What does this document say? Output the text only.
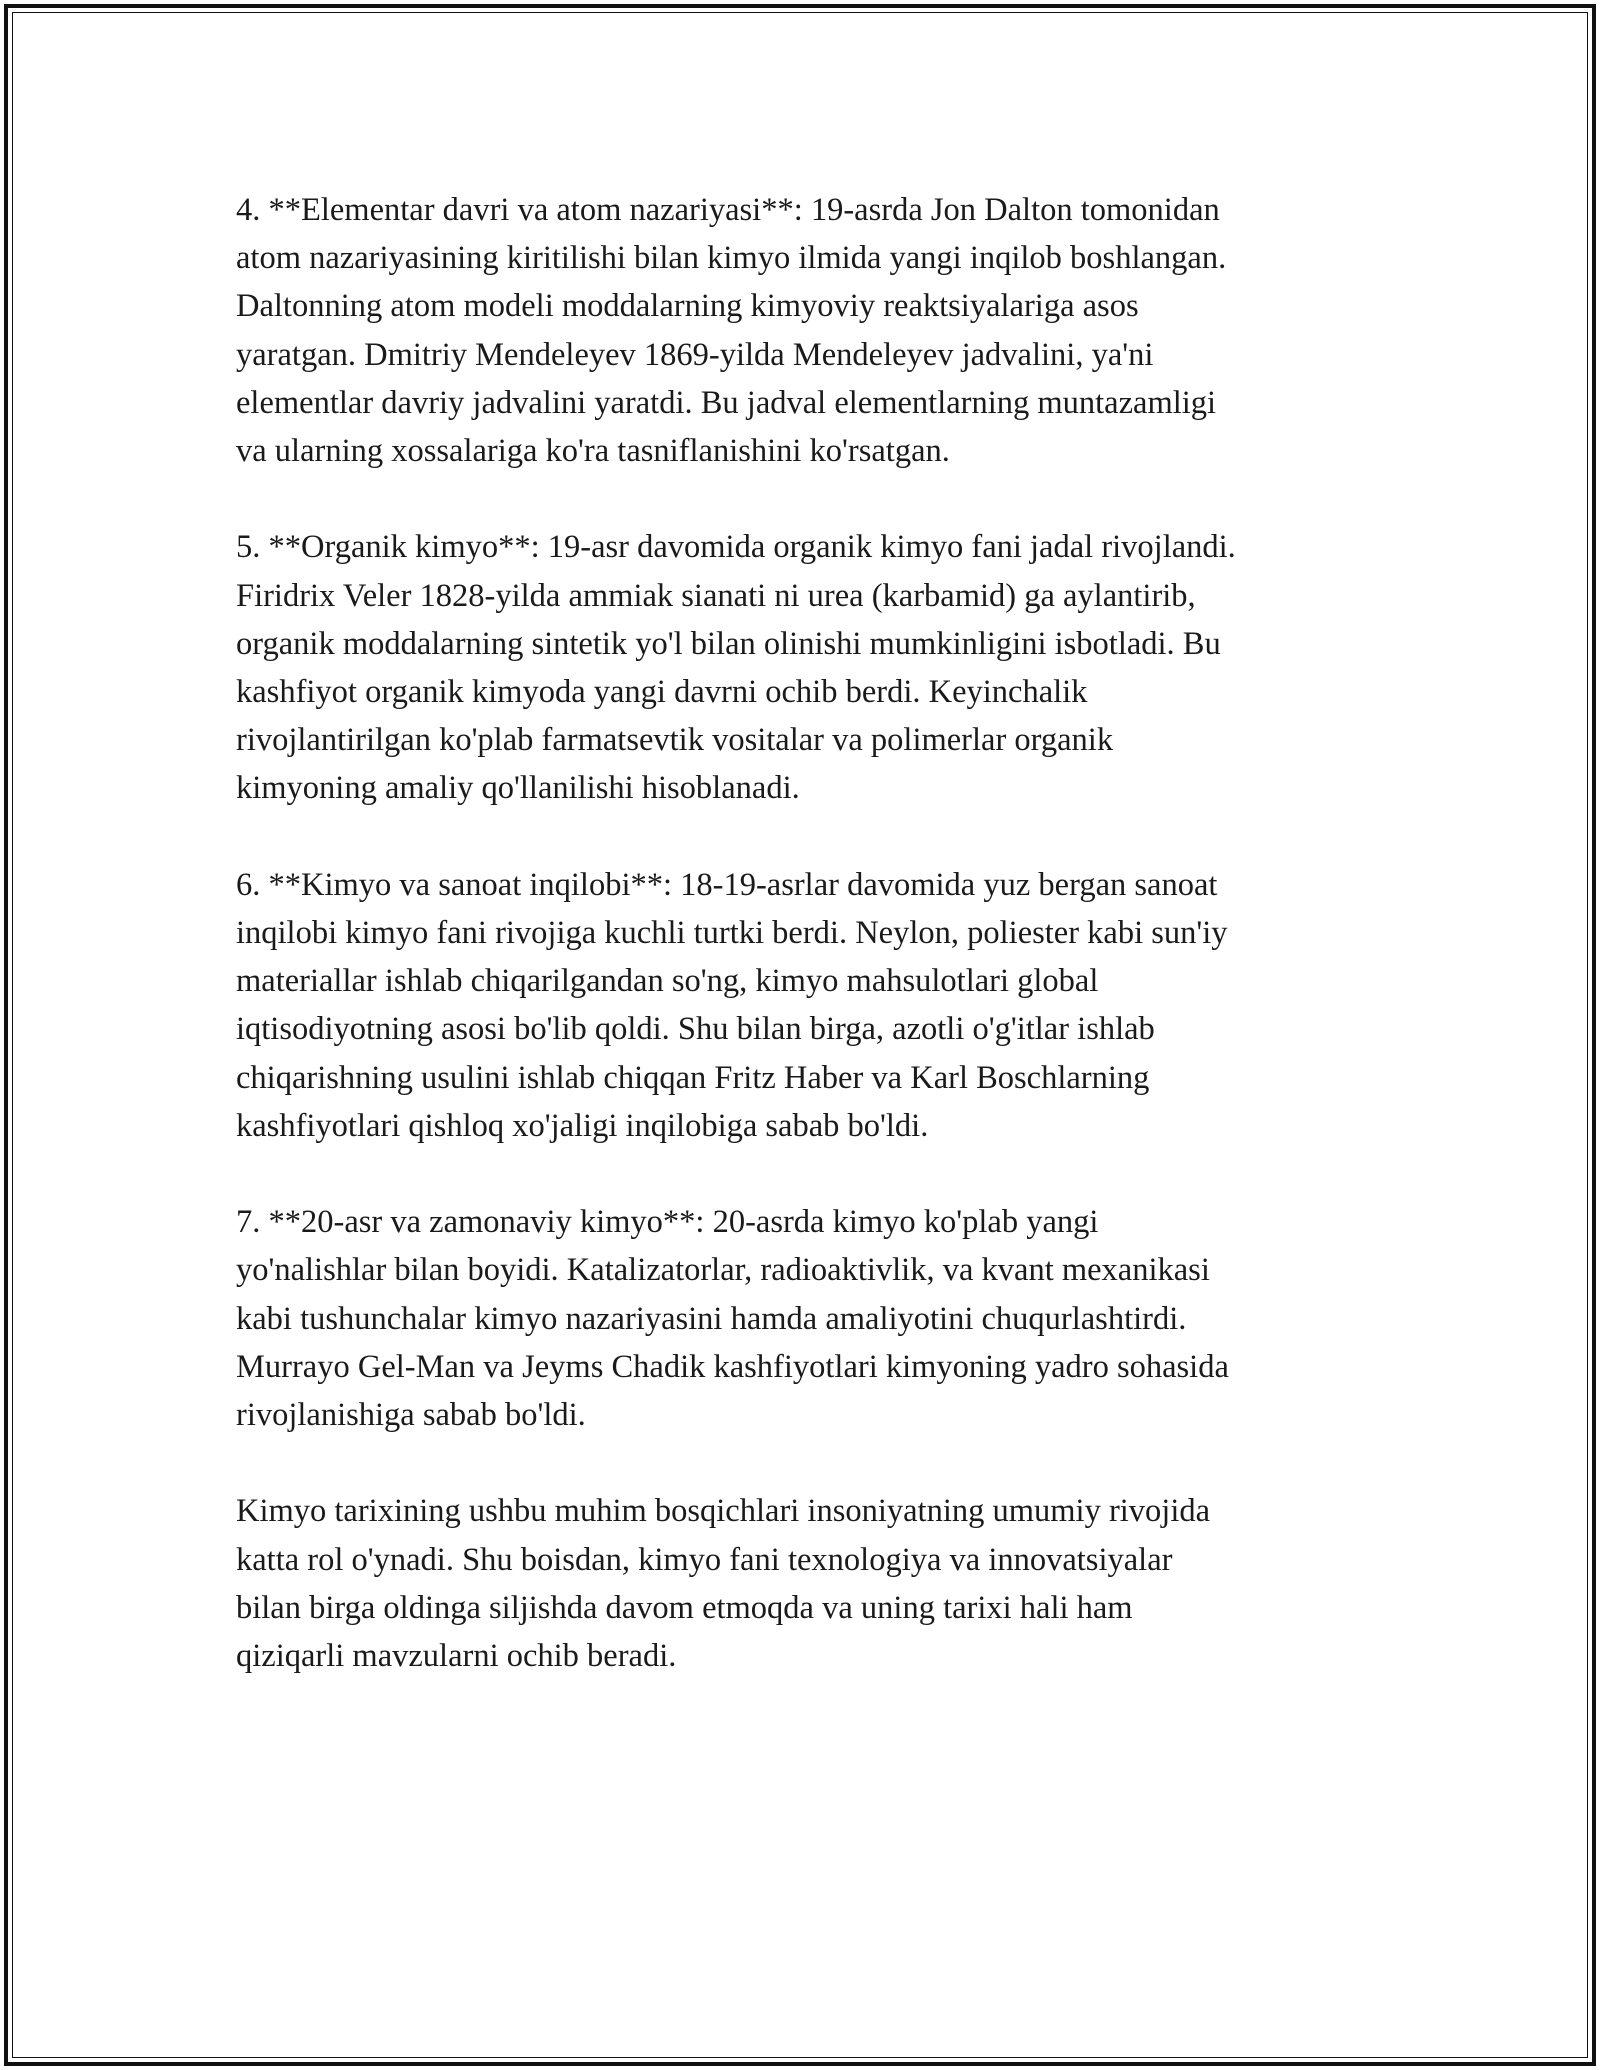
4. **Elementar davri va atom nazariyasi**: 19-asrda Jon Dalton tomonidan
atom nazariyasining kiritilishi bilan kimyo ilmida yangi inqilob boshlangan.
Daltonning atom modeli moddalarning kimyoviy reaktsiyalariga asos
yaratgan. Dmitriy Mendeleyev 1869-yilda Mendeleyev jadvalini, ya'ni
elementlar davriy jadvalini yaratdi. Bu jadval elementlarning muntazamligi
va ularning xossalariga ko'ra tasniflanishini ko'rsatgan.

5. **Organik kimyo**: 19-asr davomida organik kimyo fani jadal rivojlandi.
Firidrix Veler 1828-yilda ammiak sianati ni urea (karbamid) ga aylantirib,
organik moddalarning sintetik yo'l bilan olinishi mumkinligini isbotladi. Bu
kashfiyot organik kimyoda yangi davrni ochib berdi. Keyinchalik
rivojlantirilgan ko'plab farmatsevtik vositalar va polimerlar organik
kimyoning amaliy qo'llanilishi hisoblanadi.

6. **Kimyo va sanoat inqilobi**: 18-19-asrlar davomida yuz bergan sanoat
inqilobi kimyo fani rivojiga kuchli turtki berdi. Neylon, poliester kabi sun'iy
materiallar ishlab chiqarilgandan so'ng, kimyo mahsulotlari global
iqtisodiyotning asosi bo'lib qoldi. Shu bilan birga, azotli o'g'itlar ishlab
chiqarishning usulini ishlab chiqqan Fritz Haber va Karl Boschlarning
kashfiyotlari qishloq xo'jaligi inqilobiga sabab bo'ldi.

7. **20-asr va zamonaviy kimyo**: 20-asrda kimyo ko'plab yangi
yo'nalishlar bilan boyidi. Katalizatorlar, radioaktivlik, va kvant mexanikasi
kabi tushunchalar kimyo nazariyasini hamda amaliyotini chuqurlashtirdi.
Murrayo Gel-Man va Jeyms Chadik kashfiyotlari kimyoning yadro sohasida
rivojlanishiga sabab bo'ldi.

Kimyo tarixining ushbu muhim bosqichlari insoniyatning umumiy rivojida
katta rol o'ynadi. Shu boisdan, kimyo fani texnologiya va innovatsiyalar
bilan birga oldinga siljishda davom etmoqda va uning tarixi hali ham
qiziqarli mavzularni ochib beradi.
